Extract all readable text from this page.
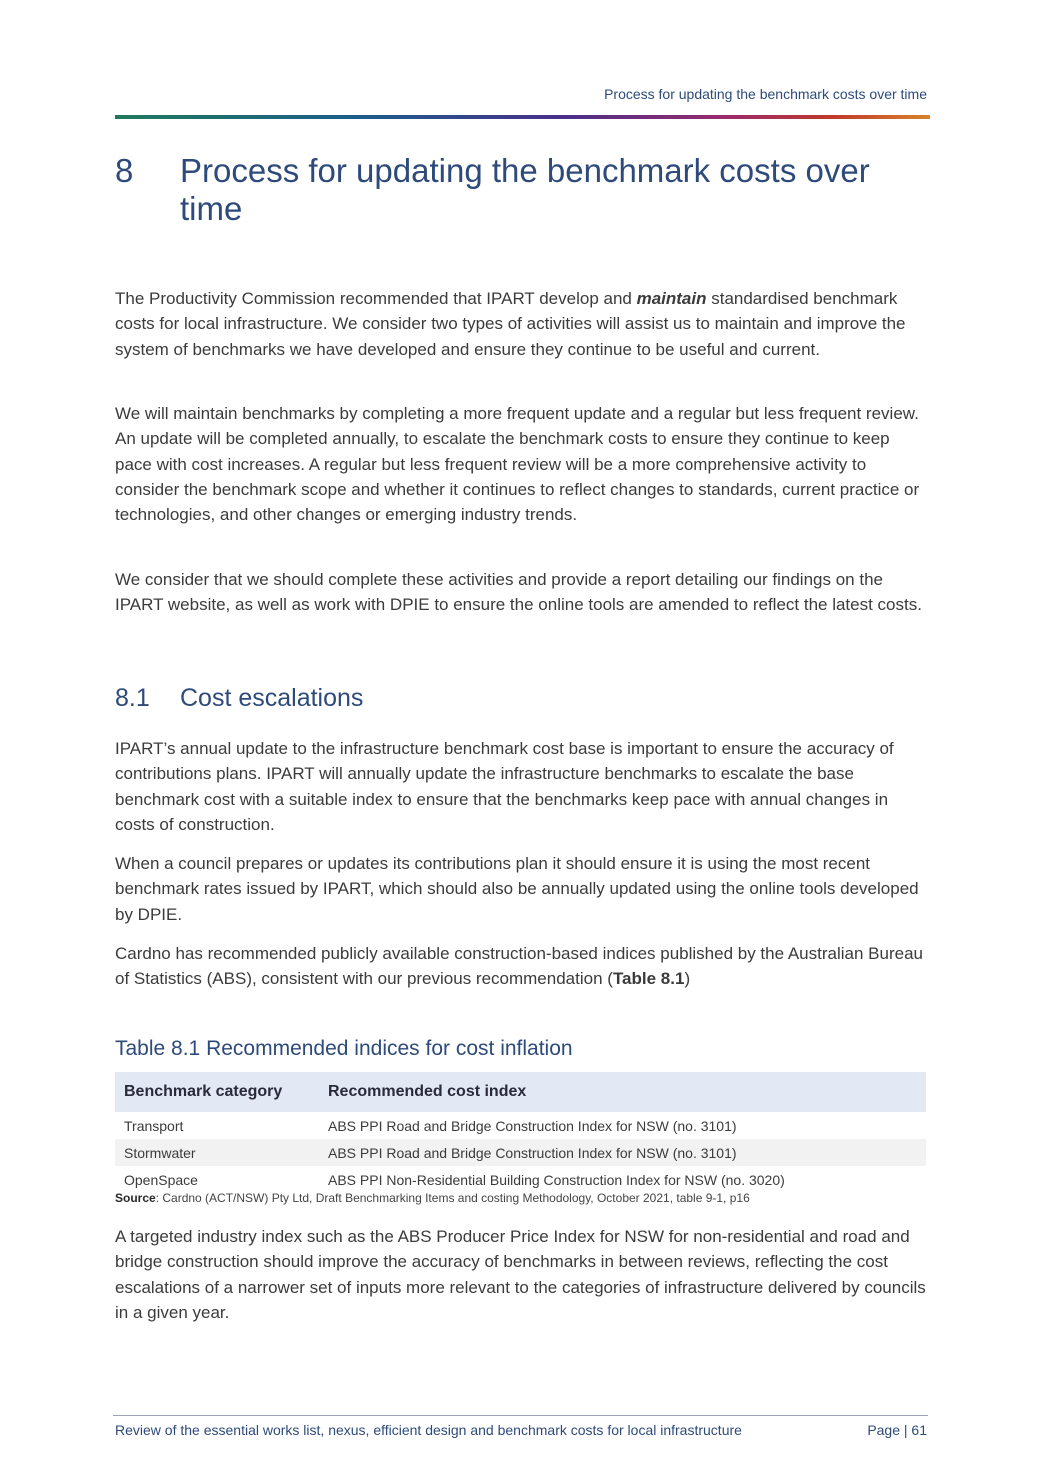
Process for updating the benchmark costs over time
8	Process for updating the benchmark costs over time

The Productivity Commission recommended that IPART develop and maintain standardised benchmark costs for local infrastructure. We consider two types of activities will assist us to maintain and improve the system of benchmarks we have developed and ensure they continue to be useful and current.

We will maintain benchmarks by completing a more frequent update and a regular but less frequent review. An update will be completed annually, to escalate the benchmark costs to ensure they continue to keep pace with cost increases. A regular but less frequent review will be a more comprehensive activity to consider the benchmark scope and whether it continues to reflect changes to standards, current practice or technologies, and other changes or emerging industry trends.

We consider that we should complete these activities and provide a report detailing our findings on the IPART website, as well as work with DPIE to ensure the online tools are amended to reflect the latest costs.

8.1	Cost escalations

IPART’s annual update to the infrastructure benchmark cost base is important to ensure the accuracy of contributions plans. IPART will annually update the infrastructure benchmarks to escalate the base benchmark cost with a suitable index to ensure that the benchmarks keep pace with annual changes in costs of construction.

When a council prepares or updates its contributions plan it should ensure it is using the most recent benchmark rates issued by IPART, which should also be annually updated using the online tools developed by DPIE.

Cardno has recommended publicly available construction-based indices published by the Australian Bureau of Statistics (ABS), consistent with our previous recommendation (Table 8.1)

Table 8.1 Recommended indices for cost inflation
Benchmark category	Recommended cost index
Transport	ABS PPI Road and Bridge Construction Index for NSW (no. 3101)

Stormwater	ABS PPI Road and Bridge Construction Index for NSW (no. 3101)
OpenSpace	ABS PPI Non-Residential Building Construction Index for NSW (no. 3020)
Source: Cardno (ACT/NSW) Pty Ltd, Draft Benchmarking Items and costing Methodology, October 2021, table 9-1, p16

A targeted industry index such as the ABS Producer Price Index for NSW for non-residential and road and bridge construction should improve the accuracy of benchmarks in between reviews, reflecting the cost escalations of a narrower set of inputs more relevant to the categories of infrastructure delivered by councils in a given year.

Review of the essential works list, nexus, efficient design and benchmark costs for local infrastructure	Page | 61
